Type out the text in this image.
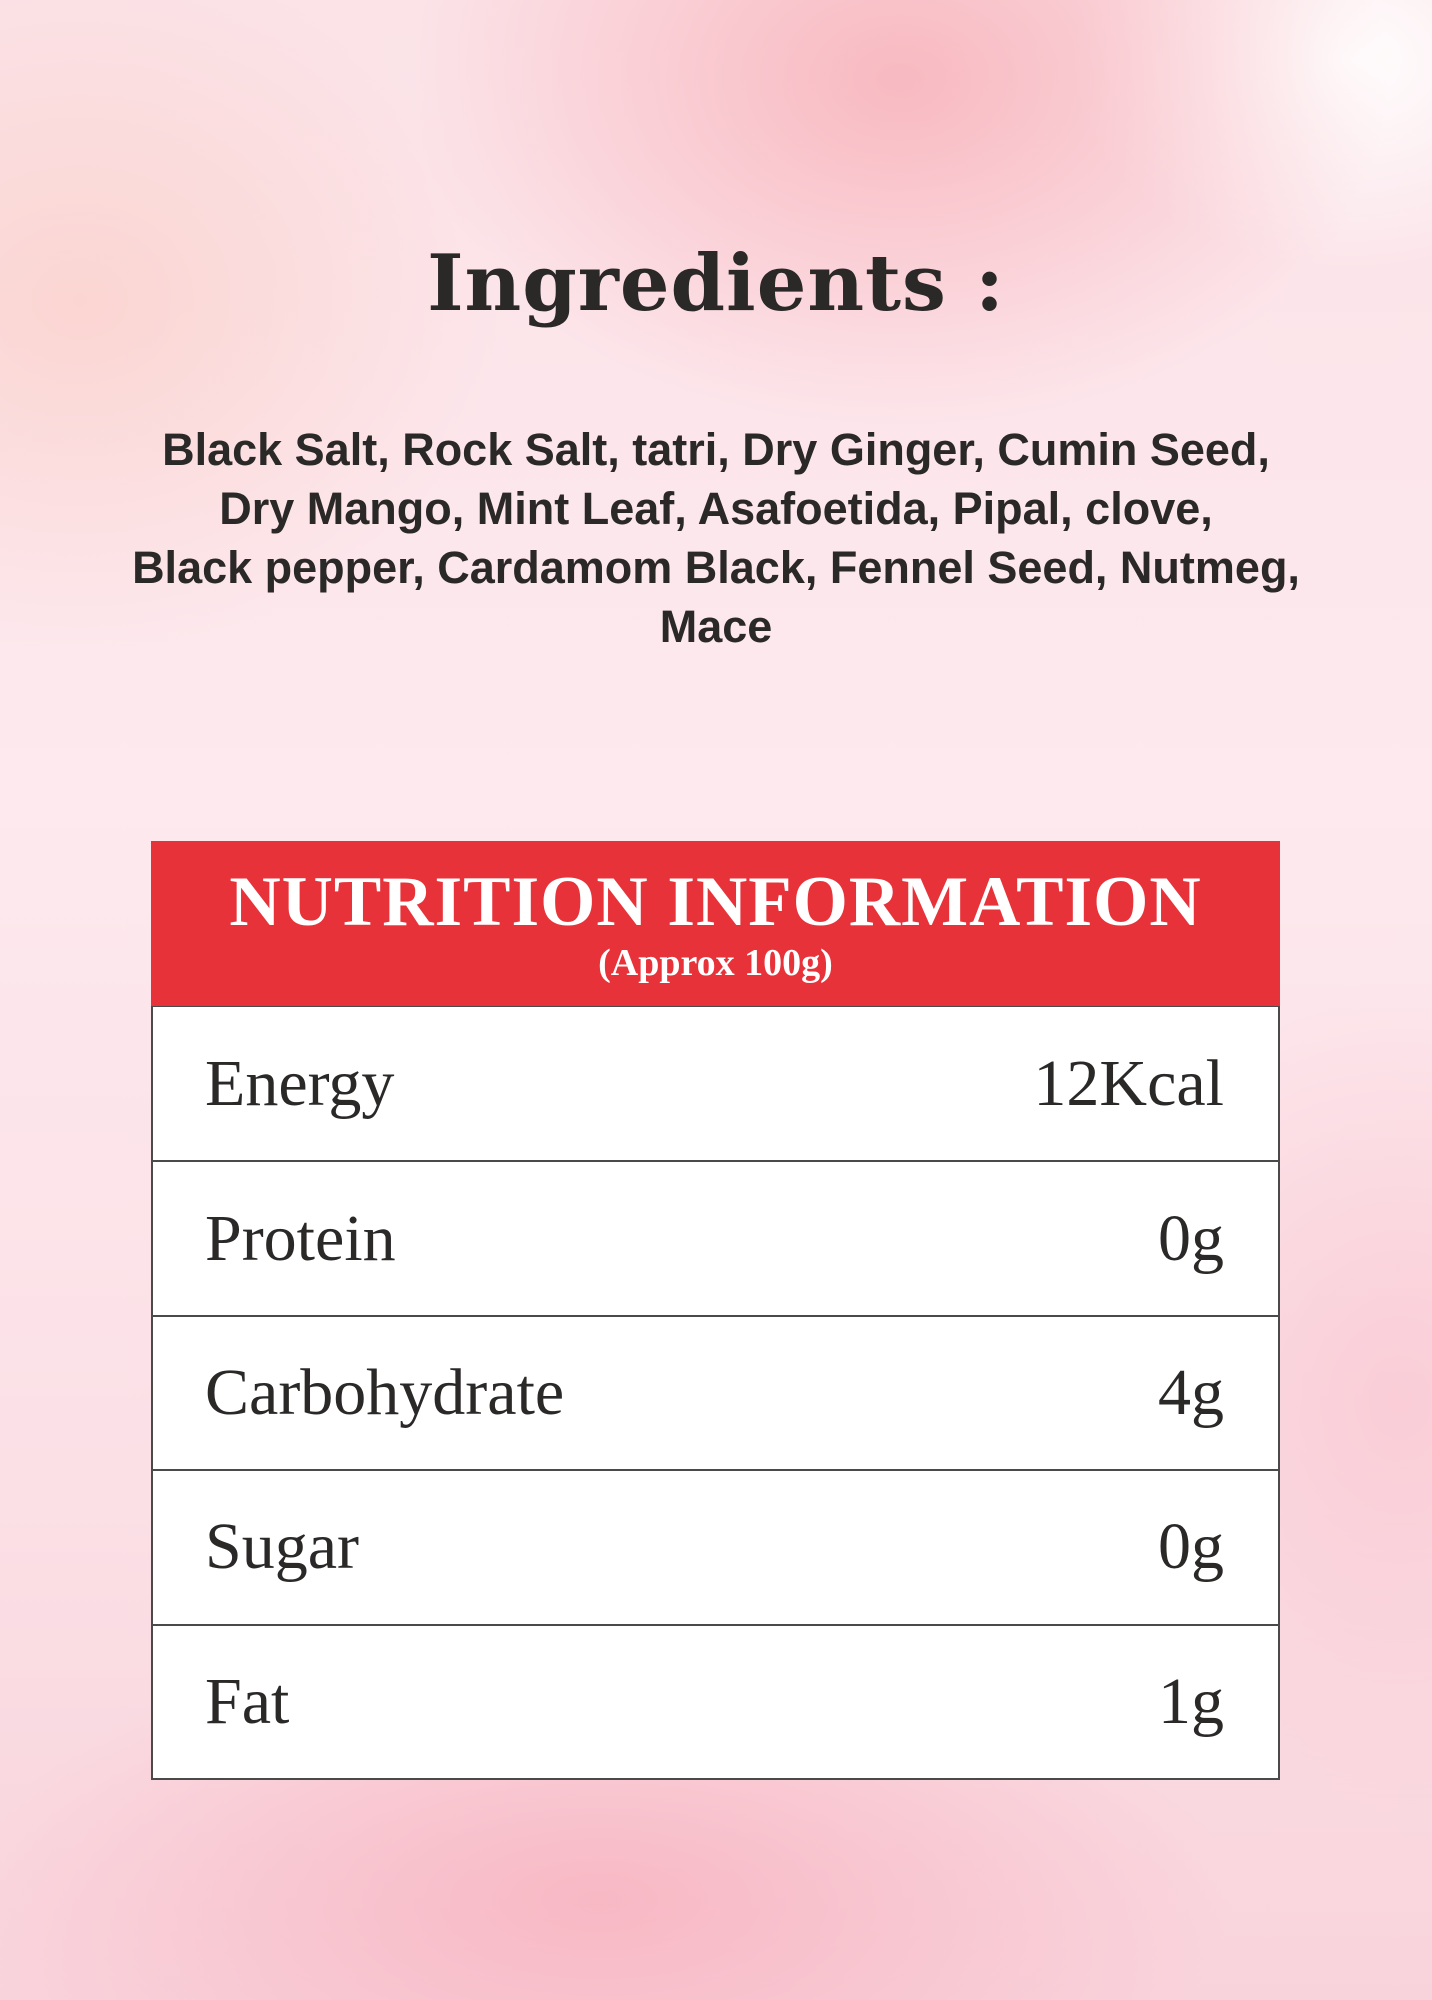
Ingredients :

Black Salt, Rock Salt, tatri, Dry Ginger, Cumin Seed,
Dry Mango, Mint Leaf, Asafoetida, Pipal, clove,
Black pepper, Cardamom Black, Fennel Seed, Nutmeg,
Mace

NUTRITION INFORMATION
(Approx 100g)
Energy	12Kcal
Protein	0g
Carbohydrate	4g
Sugar	0g
Fat	1g
